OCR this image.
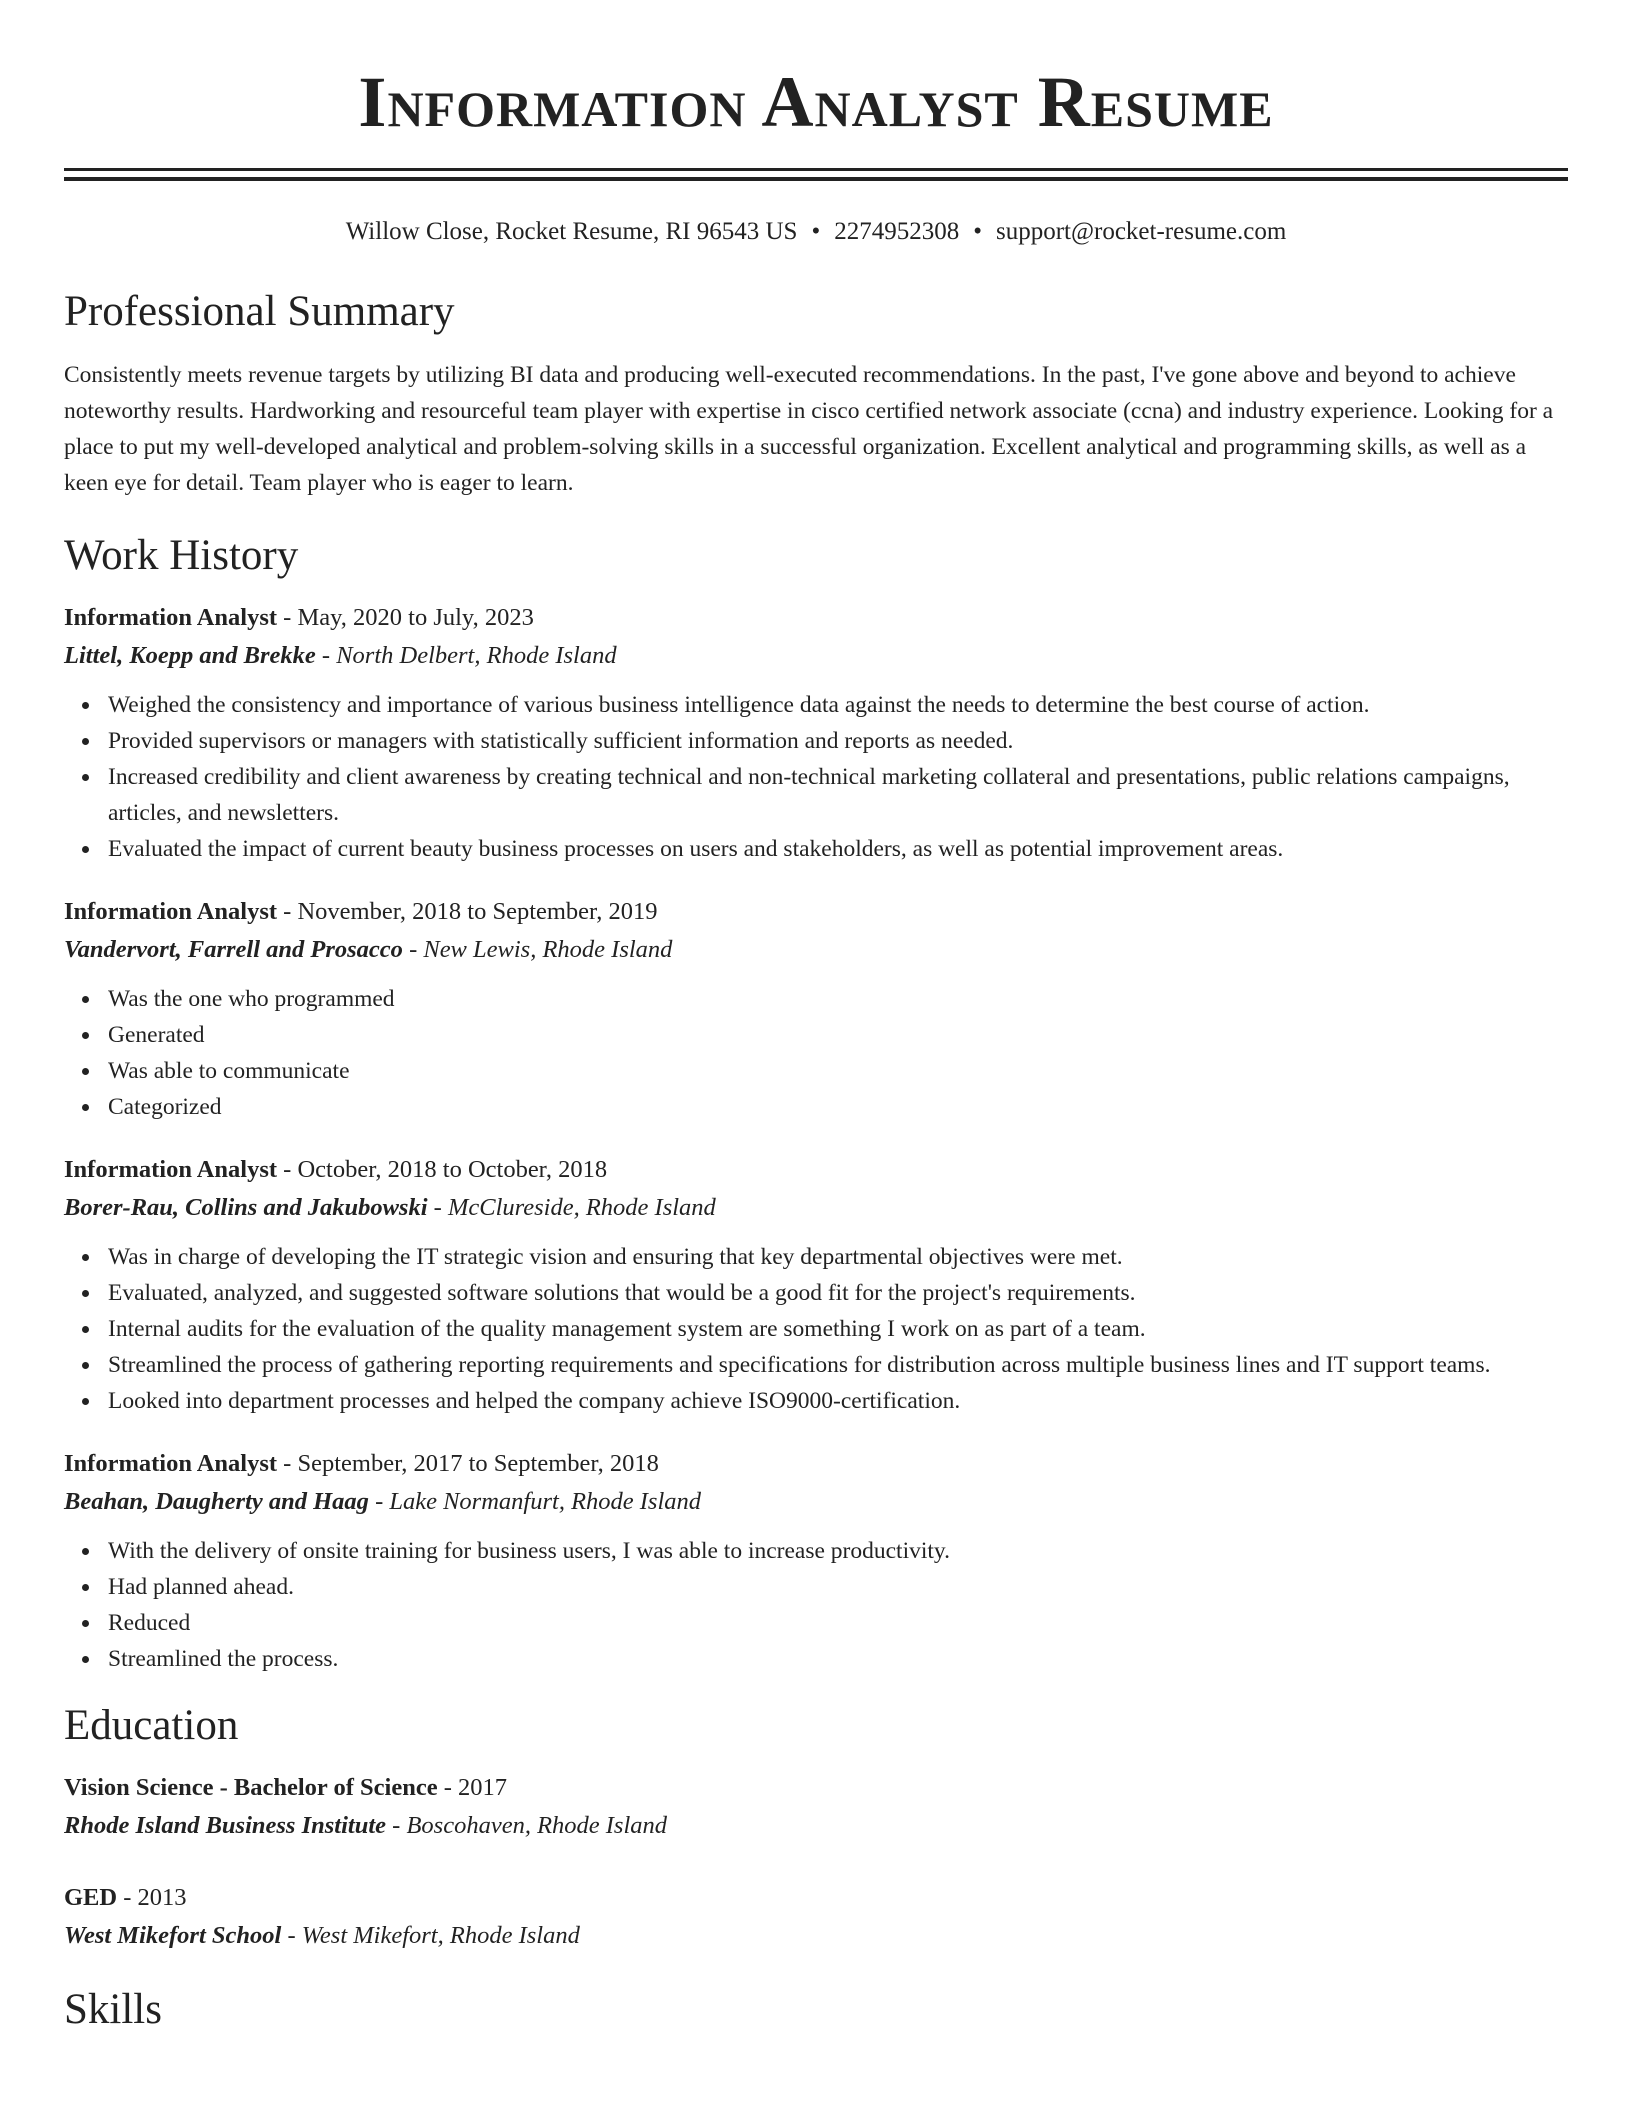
Information Analyst Resume
Willow Close, Rocket Resume, RI 96543 US • 2274952308 • support@rocket-resume.com
Professional Summary

Consistently meets revenue targets by utilizing BI data and producing well-executed recommendations. In the past, I've gone above and beyond to achieve noteworthy results. Hardworking and resourceful team player with expertise in cisco certified network associate (ccna) and industry experience. Looking for a place to put my well-developed analytical and problem-solving skills in a successful organization. Excellent analytical and programming skills, as well as a keen eye for detail. Team player who is eager to learn.

Work History
Information Analyst - May, 2020 to July, 2023
Littel, Koepp and Brekke - North Delbert, Rhode Island
Weighed the consistency and importance of various business intelligence data against the needs to determine the best course of action.
Provided supervisors or managers with statistically sufficient information and reports as needed.
Increased credibility and client awareness by creating technical and non-technical marketing collateral and presentations, public relations campaigns, articles, and newsletters.
Evaluated the impact of current beauty business processes on users and stakeholders, as well as potential improvement areas.
Information Analyst - November, 2018 to September, 2019
Vandervort, Farrell and Prosacco - New Lewis, Rhode Island
Was the one who programmed
Generated
Was able to communicate
Categorized
Information Analyst - October, 2018 to October, 2018
Borer-Rau, Collins and Jakubowski - McClureside, Rhode Island
Was in charge of developing the IT strategic vision and ensuring that key departmental objectives were met.
Evaluated, analyzed, and suggested software solutions that would be a good fit for the project's requirements.
Internal audits for the evaluation of the quality management system are something I work on as part of a team.
Streamlined the process of gathering reporting requirements and specifications for distribution across multiple business lines and IT support teams.
Looked into department processes and helped the company achieve ISO9000-certification.
Information Analyst - September, 2017 to September, 2018
Beahan, Daugherty and Haag - Lake Normanfurt, Rhode Island
With the delivery of onsite training for business users, I was able to increase productivity.
Had planned ahead.
Reduced
Streamlined the process.
Education
Vision Science - Bachelor of Science - 2017
Rhode Island Business Institute - Boscohaven, Rhode Island
GED - 2013
West Mikefort School - West Mikefort, Rhode Island
Skills
